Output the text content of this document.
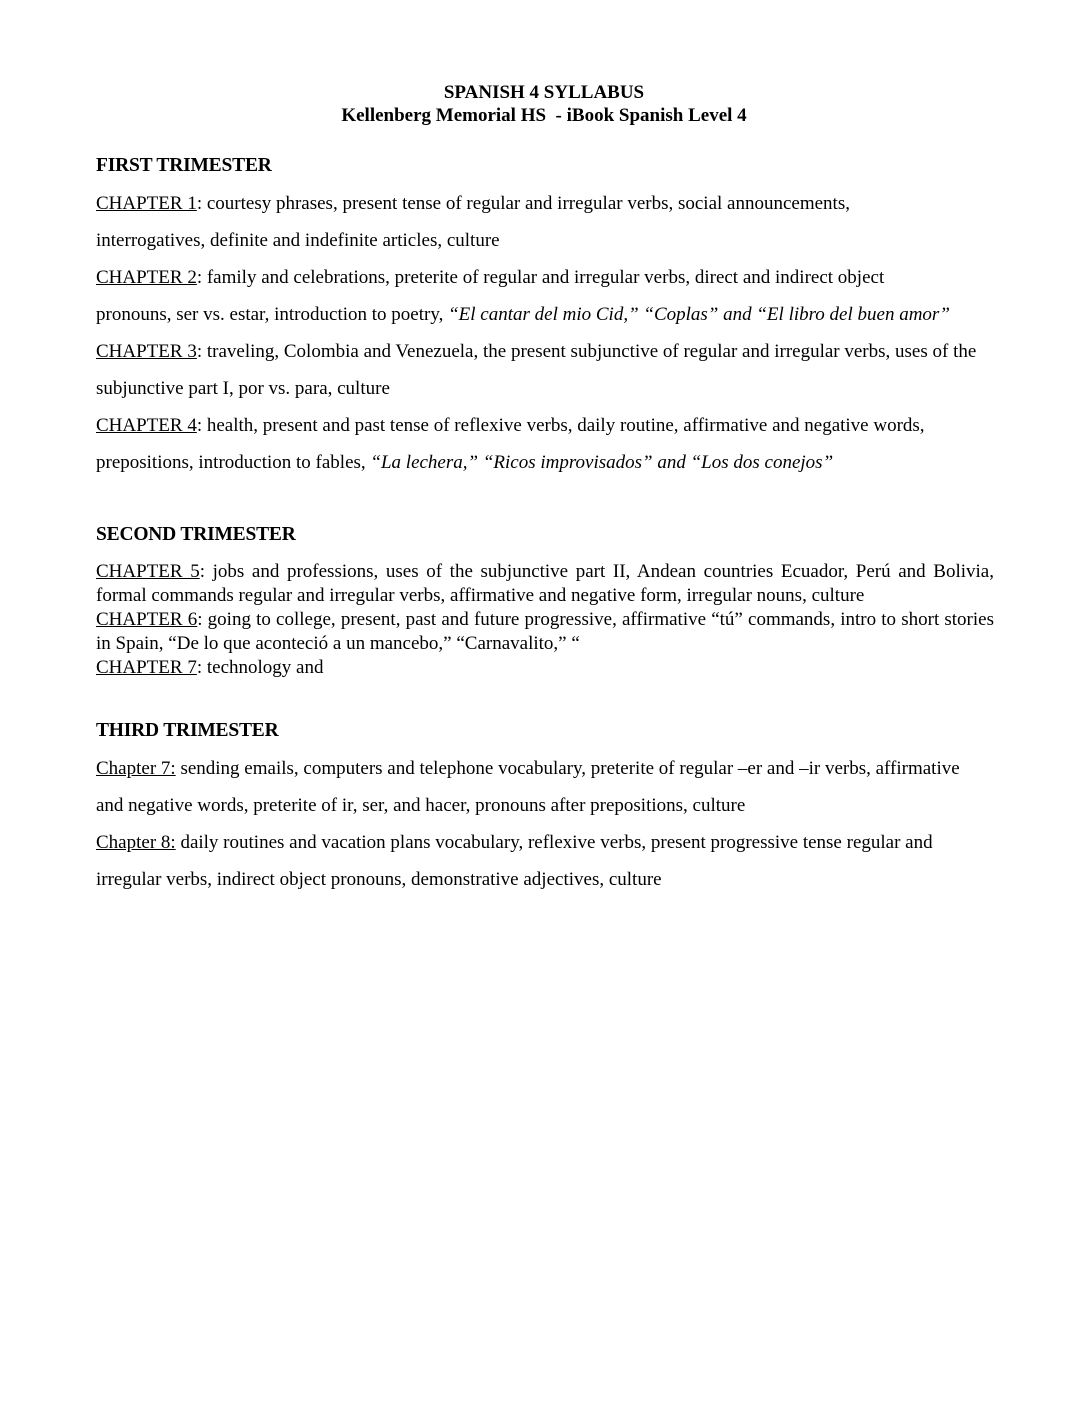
SPANISH 4 SYLLABUS
Kellenberg Memorial HS  - iBook Spanish Level 4
FIRST TRIMESTER

CHAPTER 1: courtesy phrases, present tense of regular and irregular verbs, social announcements, interrogatives, definite and indefinite articles, culture

CHAPTER 2: family and celebrations, preterite of regular and irregular verbs, direct and indirect object pronouns, ser vs. estar, introduction to poetry, “El cantar del mio Cid,” “Coplas” and “El libro del buen amor”

CHAPTER 3: traveling, Colombia and Venezuela, the present subjunctive of regular and irregular verbs, uses of the subjunctive part I, por vs. para, culture

CHAPTER 4: health, present and past tense of reflexive verbs, daily routine, affirmative and negative words, prepositions, introduction to fables, “La lechera,” “Ricos improvisados” and “Los dos conejos”

SECOND TRIMESTER

CHAPTER 5: jobs and professions, uses of the subjunctive part II, Andean countries Ecuador, Perú and Bolivia, formal commands regular and irregular verbs, affirmative and negative form, irregular nouns, culture

CHAPTER 6: going to college, present, past and future progressive, affirmative “tú” commands, intro to short stories in Spain, “De lo que aconteció a un mancebo,” “Carnavalito,” “

CHAPTER 7: technology and

THIRD TRIMESTER

Chapter 7: sending emails, computers and telephone vocabulary, preterite of regular –er and –ir verbs, affirmative and negative words, preterite of ir, ser, and hacer, pronouns after prepositions, culture

Chapter 8: daily routines and vacation plans vocabulary, reflexive verbs, present progressive tense regular and irregular verbs, indirect object pronouns, demonstrative adjectives, culture
